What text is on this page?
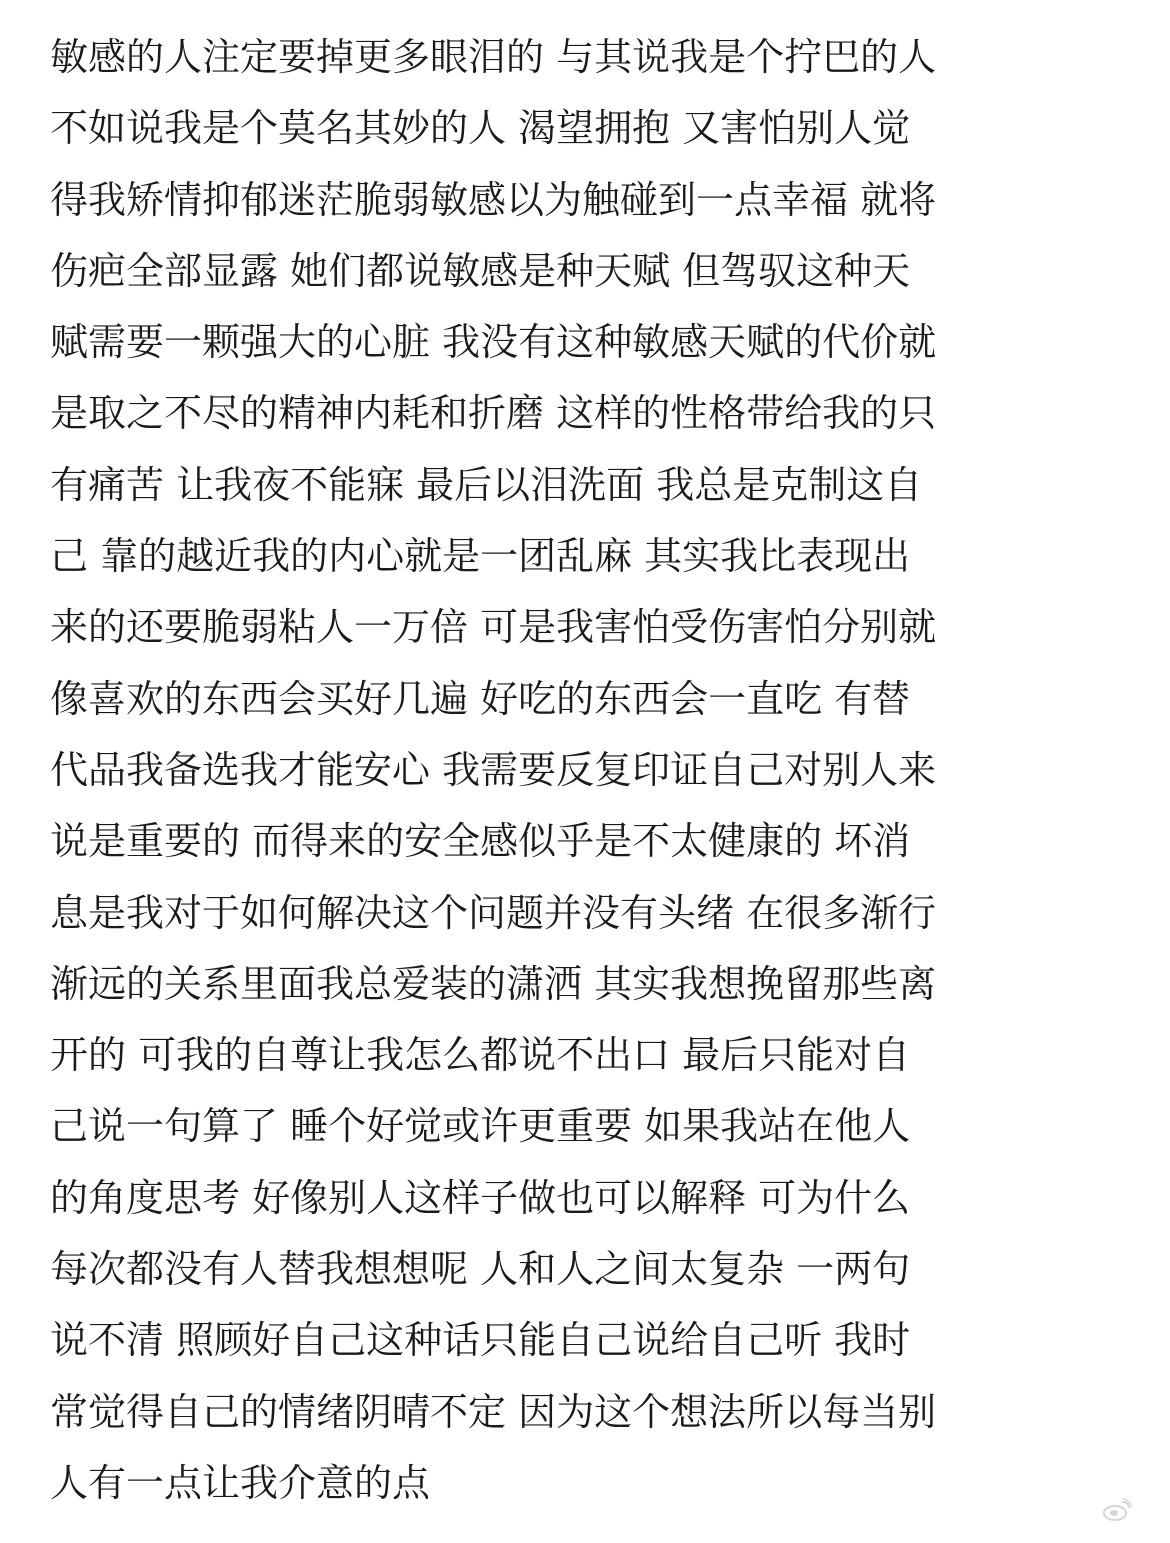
敏感的人注定要掉更多眼泪的 与其说我是个拧巴的人
不如说我是个莫名其妙的人 渴望拥抱 又害怕别人觉
得我矫情抑郁迷茫脆弱敏感以为触碰到一点幸福 就将
伤疤全部显露 她们都说敏感是种天赋 但驾驭这种天
赋需要一颗强大的心脏 我没有这种敏感天赋的代价就
是取之不尽的精神内耗和折磨 这样的性格带给我的只
有痛苦 让我夜不能寐 最后以泪洗面 我总是克制这自
己 靠的越近我的内心就是一团乱麻 其实我比表现出
来的还要脆弱粘人一万倍 可是我害怕受伤害怕分别就
像喜欢的东西会买好几遍 好吃的东西会一直吃 有替
代品我备选我才能安心 我需要反复印证自己对别人来
说是重要的 而得来的安全感似乎是不太健康的 坏消
息是我对于如何解决这个问题并没有头绪 在很多渐行
渐远的关系里面我总爱装的潇洒 其实我想挽留那些离
开的 可我的自尊让我怎么都说不出口 最后只能对自
己说一句算了 睡个好觉或许更重要 如果我站在他人
的角度思考 好像别人这样子做也可以解释 可为什么
每次都没有人替我想想呢 人和人之间太复杂 一两句
说不清 照顾好自己这种话只能自己说给自己听 我时
常觉得自己的情绪阴晴不定 因为这个想法所以每当别
人有一点让我介意的点
